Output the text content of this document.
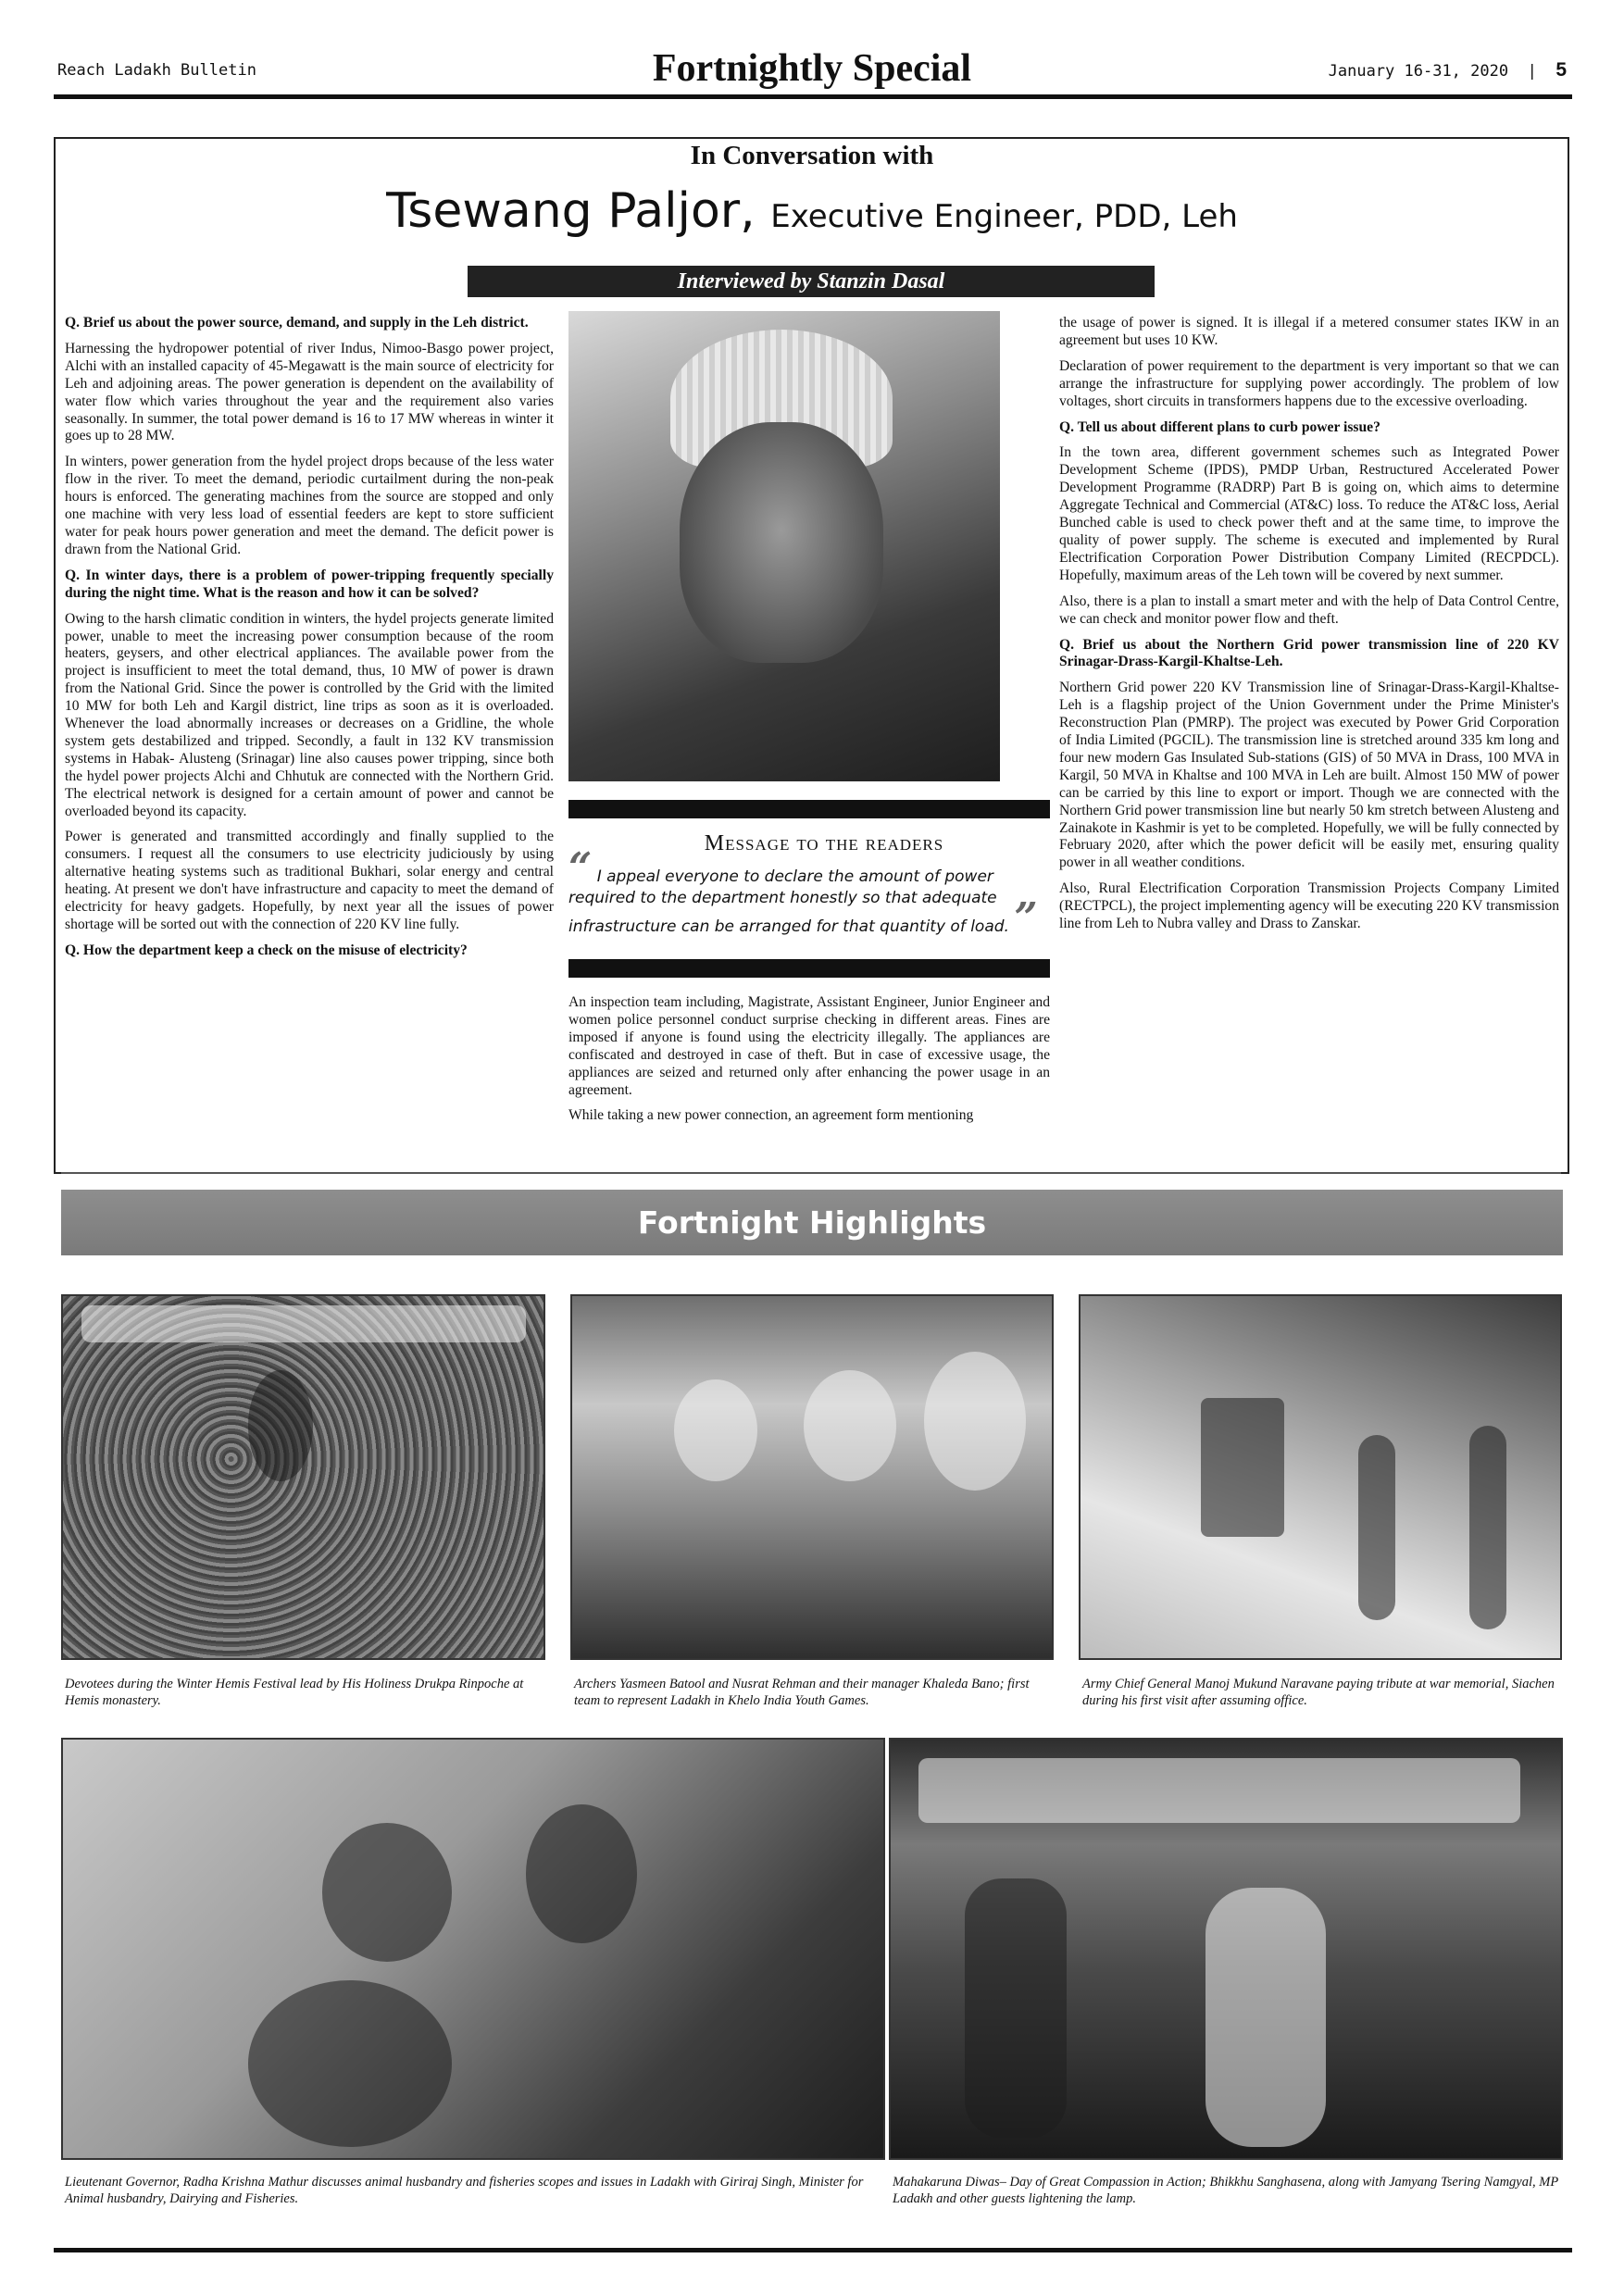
Reach Ladakh Bulletin	Fortnightly Special	January 16-31, 2020 | 5
In Conversation with
Tsewang Paljor, Executive Engineer, PDD, Leh
Interviewed by Stanzin Dasal

Q. Brief us about the power source, demand, and supply in the Leh district.

Harnessing the hydropower potential of river Indus, Nimoo-Basgo power project, Alchi with an installed capacity of 45-Megawatt is the main source of electricity for Leh and adjoining areas. The power generation is dependent on the availability of water flow which varies throughout the year and the requirement also varies seasonally. In summer, the total power demand is 16 to 17 MW whereas in winter it goes up to 28 MW.

In winters, power generation from the hydel project drops because of the less water flow in the river. To meet the demand, periodic curtailment during the non-peak hours is enforced. The generating machines from the source are stopped and only one machine with very less load of essential feeders are kept to store sufficient water for peak hours power generation and meet the demand. The deficit power is drawn from the National Grid.

Q. In winter days, there is a problem of power-tripping frequently specially during the night time. What is the reason and how it can be solved?

Owing to the harsh climatic condition in winters, the hydel projects generate limited power, unable to meet the increasing power consumption because of the room heaters, geysers, and other electrical appliances. The available power from the project is insufficient to meet the total demand, thus, 10 MW of power is drawn from the National Grid. Since the power is controlled by the Grid with the limited 10 MW for both Leh and Kargil district, line trips as soon as it is overloaded. Whenever the load abnormally increases or decreases on a Gridline, the whole system gets destabilized and tripped. Secondly, a fault in 132 KV transmission systems in Habak- Alusteng (Srinagar) line also causes power tripping, since both the hydel power projects Alchi and Chhutuk are connected with the Northern Grid. The electrical network is designed for a certain amount of power and cannot be overloaded beyond its capacity.

Power is generated and transmitted accordingly and finally supplied to the consumers. I request all the consumers to use electricity judiciously by using alternative heating systems such as traditional Bukhari, solar energy and central heating. At present we don't have infrastructure and capacity to meet the demand of electricity for heavy gadgets. Hopefully, by next year all the issues of power shortage will be sorted out with the connection of 220 KV line fully.

Q. How the department keep a check on the misuse of electricity?

Message to the readers
“ I appeal everyone to declare the amount of power required to the department honestly so that adequate infrastructure can be arranged for that quantity of load. ”

An inspection team including, Magistrate, Assistant Engineer, Junior Engineer and women police personnel conduct surprise checking in different areas. Fines are imposed if anyone is found using the electricity illegally. The appliances are confiscated and destroyed in case of theft. But in case of excessive usage, the appliances are seized and returned only after enhancing the power usage in an agreement.

While taking a new power connection, an agreement form mentioning

the usage of power is signed. It is illegal if a metered consumer states IKW in an agreement but uses 10 KW.

Declaration of power requirement to the department is very important so that we can arrange the infrastructure for supplying power accordingly. The problem of low voltages, short circuits in transformers happens due to the excessive overloading.

Q. Tell us about different plans to curb power issue?

In the town area, different government schemes such as Integrated Power Development Scheme (IPDS), PMDP Urban, Restructured Accelerated Power Development Programme (RADRP) Part B is going on, which aims to determine Aggregate Technical and Commercial (AT&C) loss. To reduce the AT&C loss, Aerial Bunched cable is used to check power theft and at the same time, to improve the quality of power supply. The scheme is executed and implemented by Rural Electrification Corporation Power Distribution Company Limited (RECPDCL). Hopefully, maximum areas of the Leh town will be covered by next summer.

Also, there is a plan to install a smart meter and with the help of Data Control Centre, we can check and monitor power flow and theft.

Q. Brief us about the Northern Grid power transmission line of 220 KV Srinagar-Drass-Kargil-Khaltse-Leh.

Northern Grid power 220 KV Transmission line of Srinagar-Drass-Kargil-Khaltse-Leh is a flagship project of the Union Government under the Prime Minister's Reconstruction Plan (PMRP). The project was executed by Power Grid Corporation of India Limited (PGCIL). The transmission line is stretched around 335 km long and four new modern Gas Insulated Sub-stations (GIS) of 50 MVA in Drass, 100 MVA in Kargil, 50 MVA in Khaltse and 100 MVA in Leh are built. Almost 150 MW of power can be carried by this line to export or import. Though we are connected with the Northern Grid power transmission line but nearly 50 km stretch between Alusteng and Zainakote in Kashmir is yet to be completed. Hopefully, we will be fully connected by February 2020, after which the power deficit will be easily met, ensuring quality power in all weather conditions.

Also, Rural Electrification Corporation Transmission Projects Company Limited (RECTPCL), the project implementing agency will be executing 220 KV transmission line from Leh to Nubra valley and Drass to Zanskar.

Fortnight Highlights
Devotees during the Winter Hemis Festival lead by His Holiness Drukpa Rinpoche at Hemis monastery.
Archers Yasmeen Batool and Nusrat Rehman and their manager Khaleda Bano; first team to represent Ladakh in Khelo India Youth Games.
Army Chief General Manoj Mukund Naravane paying tribute at war memorial, Siachen during his first visit after assuming office.
Lieutenant Governor, Radha Krishna Mathur discusses animal husbandry and fisheries scopes and issues in Ladakh with Giriraj Singh, Minister for Animal husbandry, Dairying and Fisheries.
Mahakaruna Diwas– Day of Great Compassion in Action; Bhikkhu Sanghasena, along with Jamyang Tsering Namgyal, MP Ladakh and other guests lightening the lamp.
